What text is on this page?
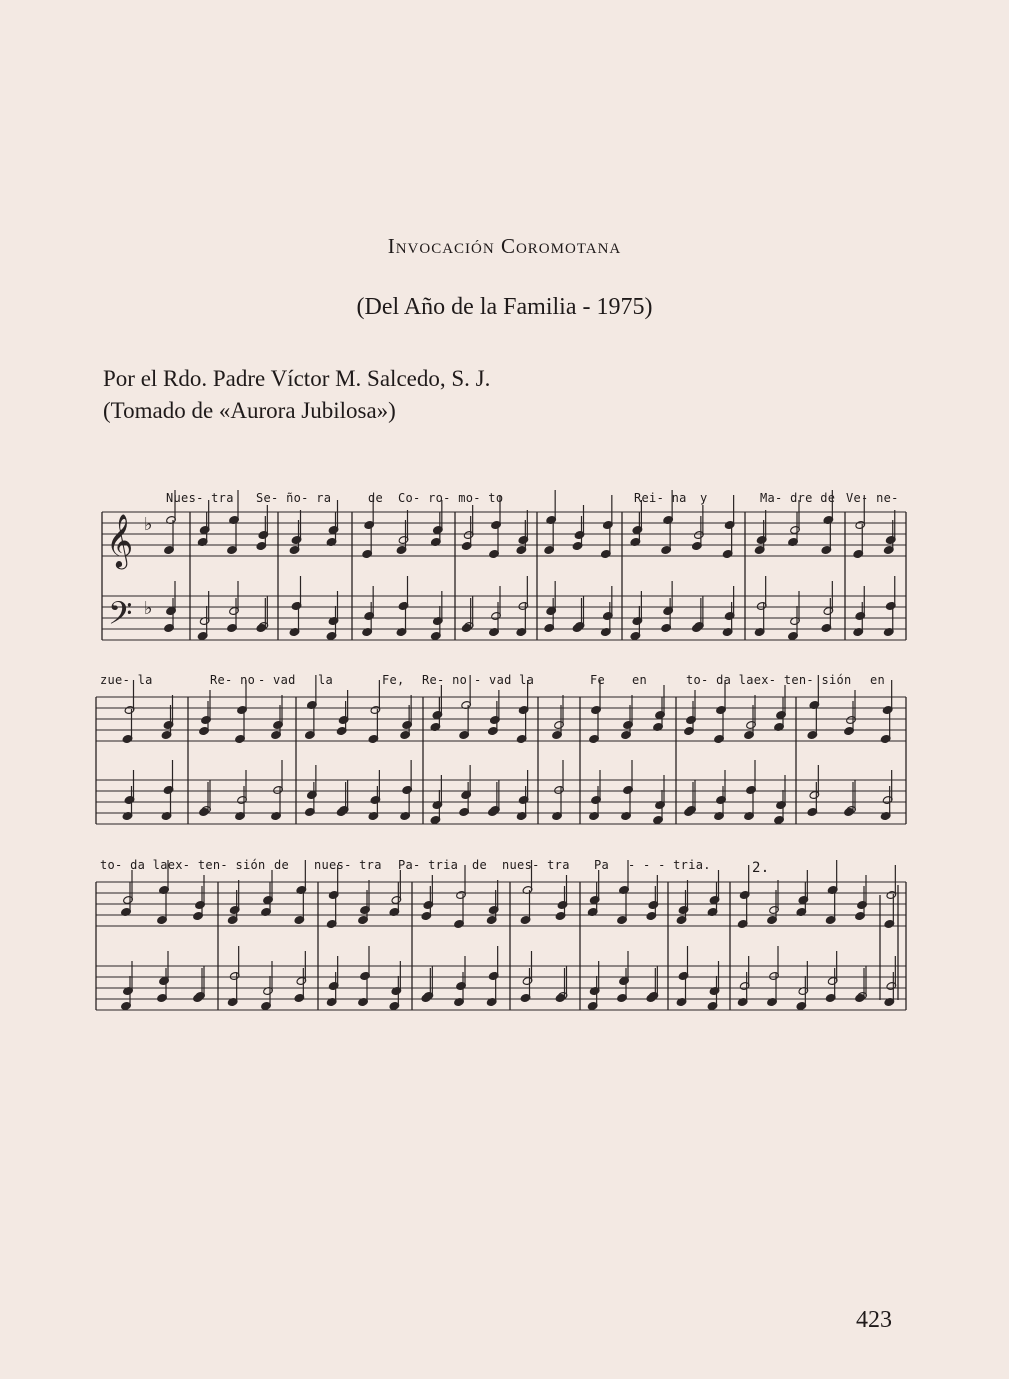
Invocación Coromotana
(Del Año de la Familia - 1975)
Por el Rdo. Padre Víctor M. Salcedo, S. J.
(Tomado de «Aurora Jubilosa»)
Nues- tra Se- ño- ra	de Co- ro- mo- to	Rei- na y	Ma- dre de Ve- ne-
zue- la	Re- no - vad la	Fe, Re- no - vad la	Fe en	to- da laex- ten- sión en
to- da laex- ten- sión de nues- tra Pa- tria de nues- tra Pa - - - tria.	2.
𝄞
𝄢
♭
♭
423
